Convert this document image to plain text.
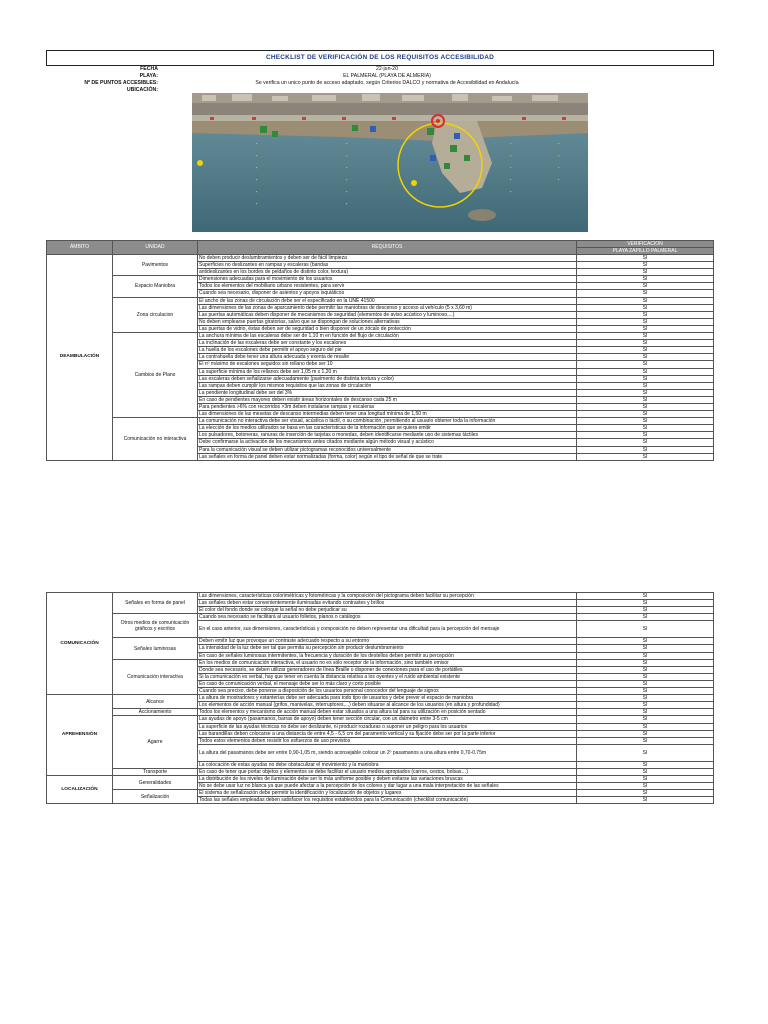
CHECKLIST DE VERIFICACIÓN DE LOS REQUISITOS ACCESIBILIDAD
FECHA	22-jun-20
PLAYA:	EL PALMERAL (PLAYA DE ALMERIA)
Nº DE PUNTOS ACCESIBLES:	Se verifica un unico punto de acceso adaptado, según Criterios DALCO y normativa de Accesibilidad en Andalucía
UBICACIÓN:
ÁMBITO	UNIDAD	REQUISITOS	VERIFICACIÓN
			PLAYA ZAPILLO PALMERAL
DEAMBULACIÓN	Pavimentos	No deben producir deslumbramientos y deben ser de fácil limpieza	SI
		Superficies no deslizantes en rampas y escaleras (bandas	SI
		antideslizantes en los bordes de peldaños de distinto color, textura)	SI
	Espacio Maniobra	Dimensiones adecuadas para el movimiento de los usuarios	SI
		Todos los elementos del mobiliario urbano resistentes, para servir	SI
		Cuando sea necesario, disponer de asientos y apoyos isquiáticos	SI
	Zona circulacion	El ancho de las zonas de circulación debe ser el especificado en la UNE 41500	SI
		Las dimensiones de las zonas de aparcamiento debe permitir las maniobras de descenso y acceso al vehículo (5 x 3,60 m)	SI
		Las puertas automáticas deben disponer de mecanismos de seguridad (elementos de aviso acústico y luminoso,...)	SI
		No deben emplearse puertas giratorias, salvo que se dispongan de soluciones alternativas	SI
		Las puertas de vidrio, éstas deben ser de seguridad o bien disponer de un zócalo de protección	SI
	Cambios de Plano	La anchura mínima de las escaleras debe ser de 1,10 m en función del flujo de circulación	SI
		La inclinación de las escaleras debe ser constante y los escalones	SI
		La huella de los escalones debe permitir el apoyo seguro del pie	SI
		La contrahuella debe tener una altura adecuada y exenta de resalte	SI
		El nº máximo de escalones seguidos sin rellano debe ser 10	SI
		La superficie mínima de los rellanos debe ser 1,05 m x 1,20 m	SI
		Las escaleras deben señalizarse adecuadamente (pavimento de distinta textura y color)	SI
		Las rampas deben cumplir los mismos requisitos que las zonas de circulación	SI
		La pendiente longitudinal debe ser del 3%	SI
		En caso de pendientes mayores deben existir áreas horizontales de descanso cada 25 m	SI
		Para pendientes >6% con recorridos >3m deben instalarse rampas y escaleras	SI
		Las dimensiones de las mesetas de descanso intermedias deben tener una longitud mínima de 1,50 m	SI
	Comunicación no interactiva	La comunicación no interactiva debe ser visual, acústica o táctil, o su combinación, permitiendo al usuario obtener toda la información	SI
		La elección de los medios utilizados se basa en las características de la información que se quiera emitir	SI
		Los pulsadores, botoneras, ranuras de inserción de tarjetas o monedas, deben identificarse mediante uso de sistemas táctiles	SI
		Debe confirmarse la activación de los mecanismos antes citados mediante algún método visual y acústico	SI
		Para la comunicación visual se deben utilizar pictogramas reconocidos universalmente	SI
		Las señales en forma de panel deben estar normalizadas (forma, color) según el tipo de señal de que se trate	SI
COMUNICACIÓN	Señales en forma de panel	Las dimensiones, características colorimétricas y fotométricas y la composición del pictograma deben facilitar su percepción	SI
		Las señales deben estar convenientemente iluminadas evitando contrastes y brillos	SI
		El color del fondo donde se coloque la señal no debe perjudicar su	SI
	Otros medios de comunicación gráficos y escritos	Cuando sea necesario se facilitará al usuario folletos, planos o catálogos	SI
		En el caso anterior, sus dimensiones, características y composición no deben representar una dificultad para la percepción del mensaje	SI
	Señales luminosas	Deben emitir luz que provoque un contraste adecuado respecto a su entorno	SI
		La intensidad de la luz debe ser tal que permita su percepción sin producir deslumbramiento	SI
		En caso de señales luminosas intermitentes, la frecuencia y duración de los destellos deben permitir su percepción	SI
	Comunicación interactiva	En los medios de comunicación interactiva, el usuario no es sólo receptor de la información, sino también emisor	SI
		Donde sea necesario, se deben utilizar generadores de línea Braille o disponer de conexiones para el uso de portátiles	SI
		Si la comunicación es verbal, hay que tener en cuenta la distancia relativa a los oyentes y el ruido ambiental existente	SI
		En caso de comunicación verbal, el mensaje debe ser lo más claro y corto posible	SI
		Cuando sea preciso, debe ponerse a disposición de los usuarios personal conocedor del lenguaje de signos	SI
APREHENSIÓN	Alcance	La altura de mostradores y estanterías debe ser adecuada para todo tipo de usuarios y debe prever el espacio de maniobra	SI
		Los elementos de acción manual (grifos, manivelas, interruptores,...) deben situarse al alcance de los usuarios (en altura y profundidad)	SI
	Accionamiento	Todos los elementos y mecanismo de acción manual deben estar situados a una altura tal para su utilización en posición sentado	SI
	Agarre	Las ayudas de apoyo (pasamanos, barras de apoyo) deben tener sección circular, con un diámetro entre 3-5 cm	SI
		La superficie de las ayudas técnicas no debe ser deslizante, ni producir rozaduras o suponer un peligro para los usuarios	SI
		Las barandillas deben colocarse a una distancia de entre 4,5 - 6,5 cm del paramento vertical y su fijación debe ser por la parte inferior	SI
		Todos estos elementos deben resistir los esfuerzos de uso previstos	SI
		La altura del pasamanos debe ser entre 0,90-1,05 m, siendo aconsejable colocar un 2º pasamanos a una altura entre 0,70-0.75m	SI
		La colocación de estas ayudas no debe obstaculizar el movimiento y la maniobra	SI
	Transporte	En caso de tener que portar objetos y elementos se debe facilitar el usuario medios apropiados (carros, cestos, bolsas…)	SI
LOCALIZACIÓN	Generalidades	La distribución de los niveles de iluminación debe ser lo más uniforme posible y deben evitarse las variaciones bruscas	SI
		No se debe usar luz no blanca ya que puede afectar a la percepción de los colores y dar lugar a una mala interpretación de las señales	SI
	Señalización	El sistema de señalización debe permitir la identificación y localización de objetos y lugares	SI
		Todas las señales empleadas deben satisfacer los requisitos establecidos para la Comunicación (checklist comunicación)	SI
